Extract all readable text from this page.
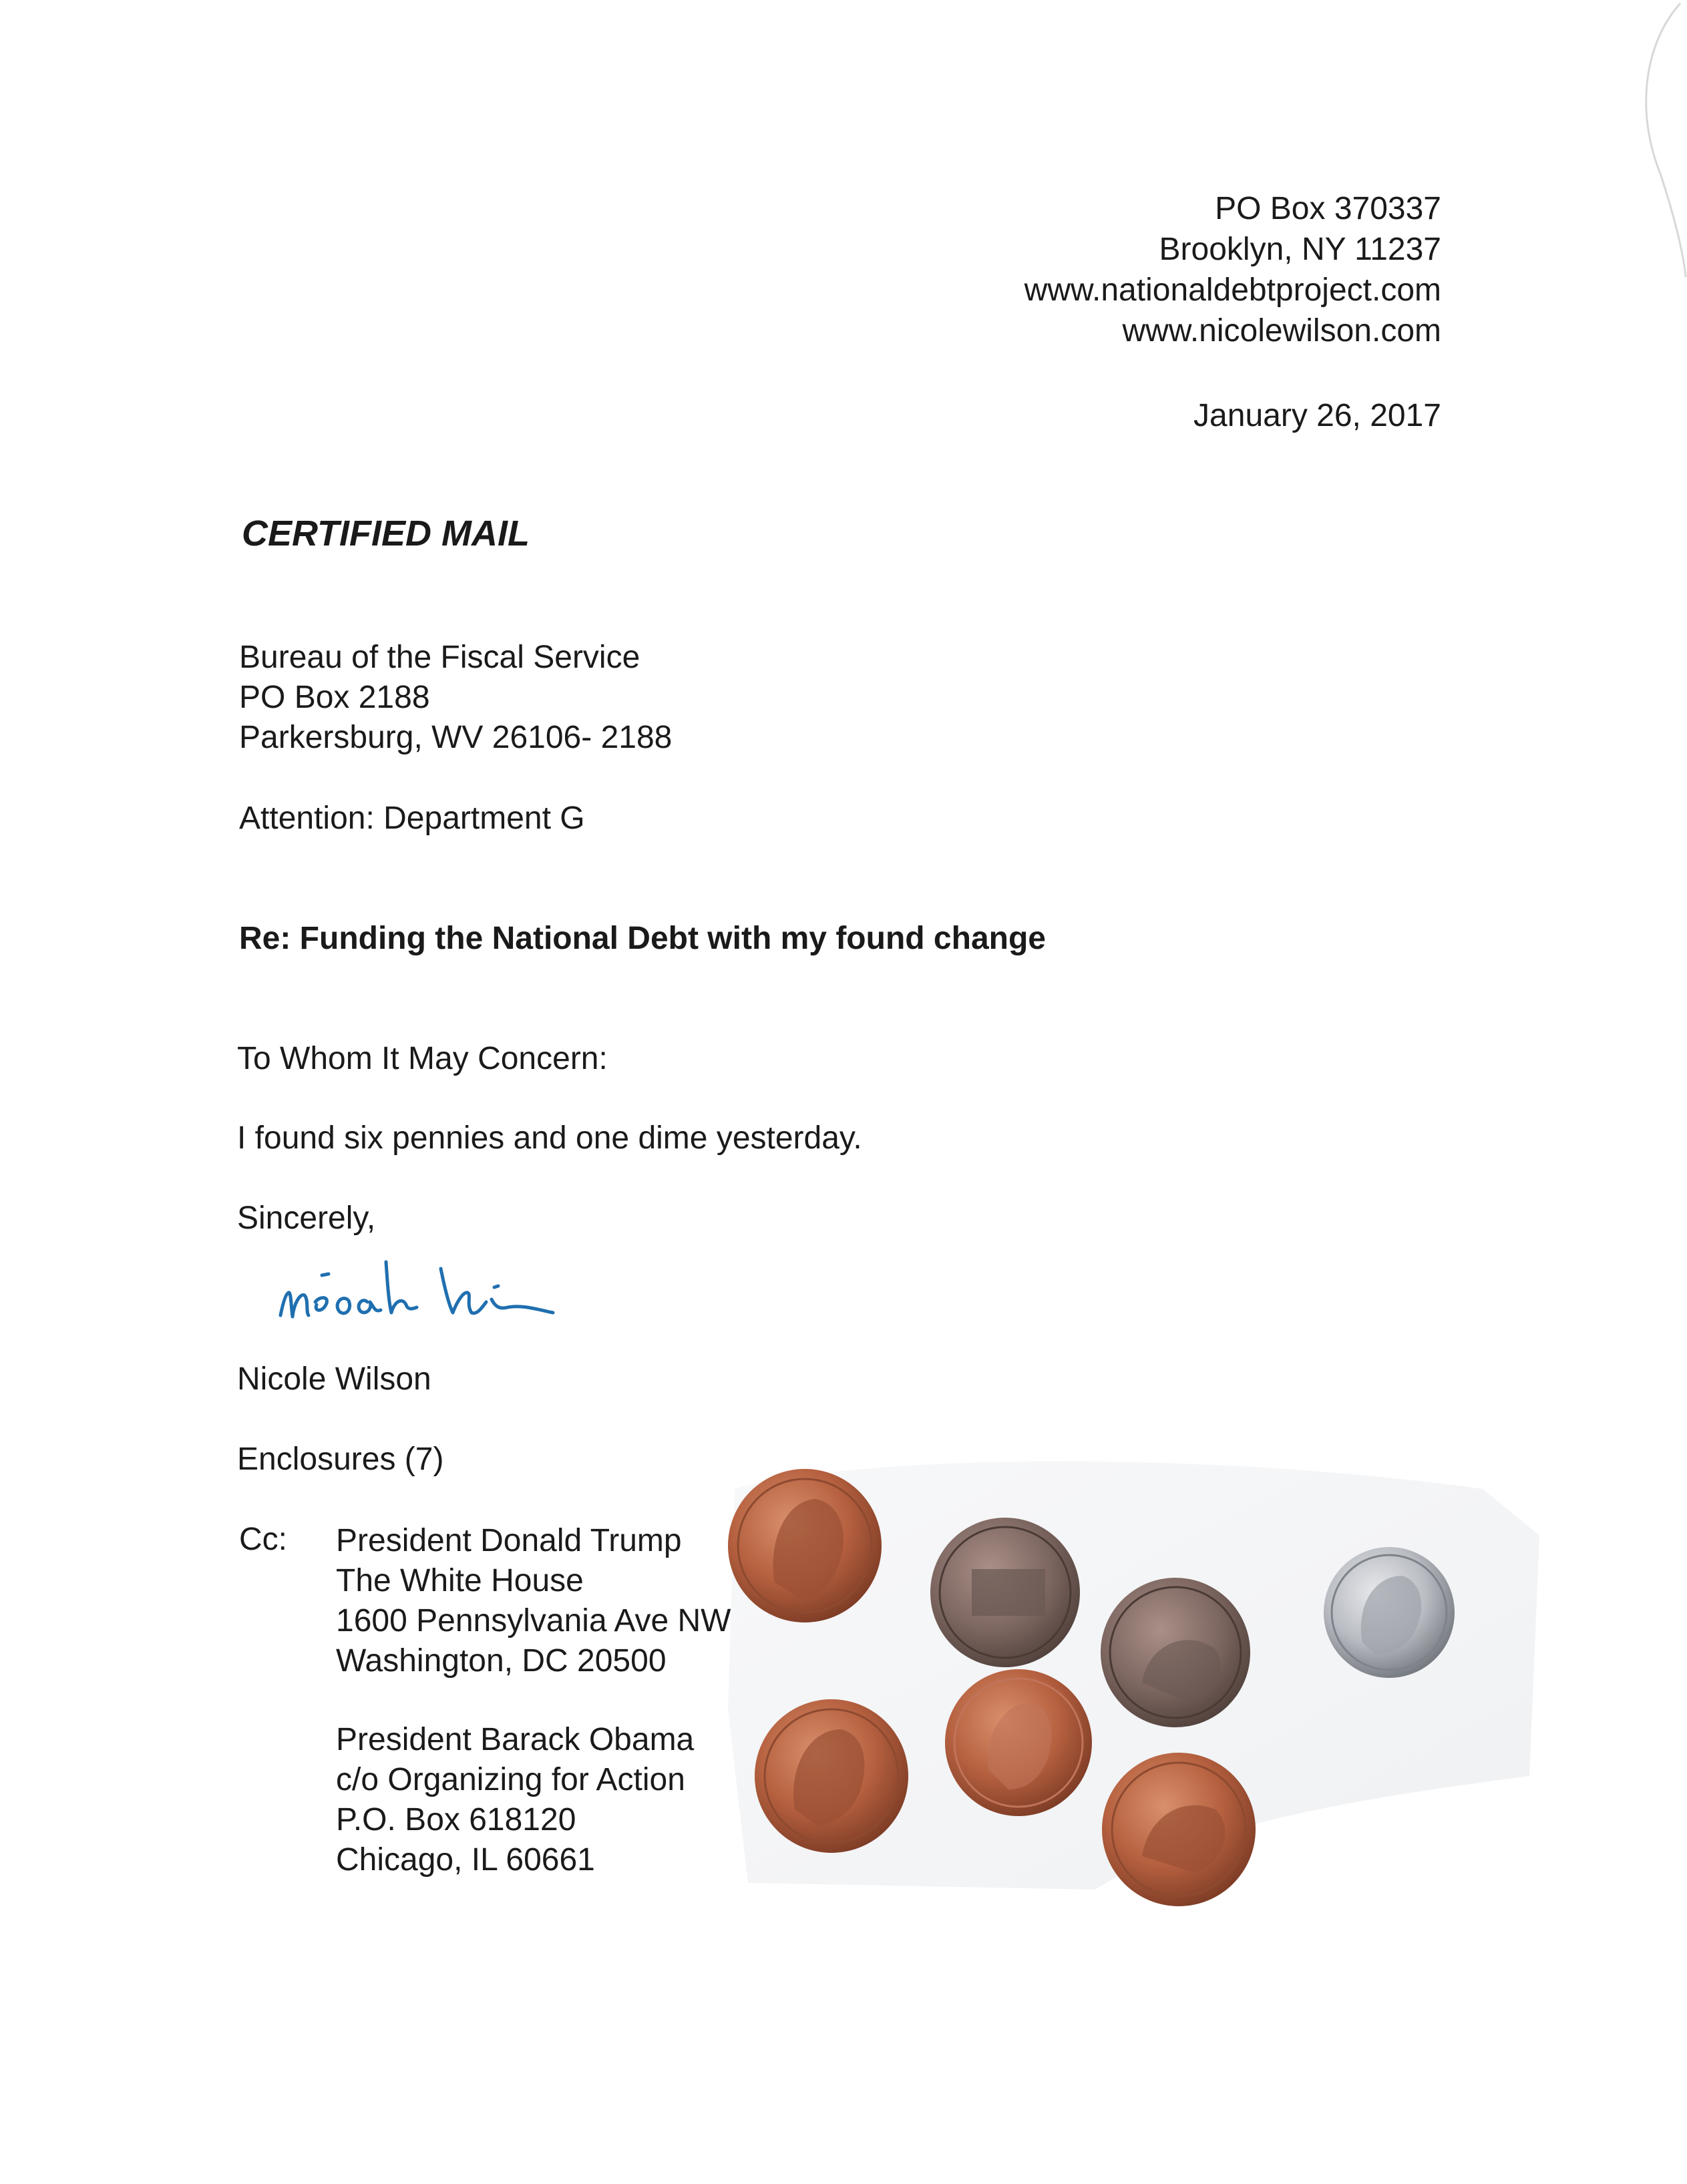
PO Box 370337
Brooklyn, NY 11237
www.nationaldebtproject.com
www.nicolewilson.com
January 26, 2017
CERTIFIED MAIL
Bureau of the Fiscal Service
PO Box 2188
Parkersburg, WV 26106- 2188
Attention: Department G
Re: Funding the National Debt with my found change
To Whom It May Concern:
I found six pennies and one dime yesterday.
Sincerely,
Nicole Wilson
Enclosures (7)
Cc: President Donald Trump
The White House
1600 Pennsylvania Ave NW
Washington, DC 20500
President Barack Obama
c/o Organizing for Action
P.O. Box 618120
Chicago, IL 60661
